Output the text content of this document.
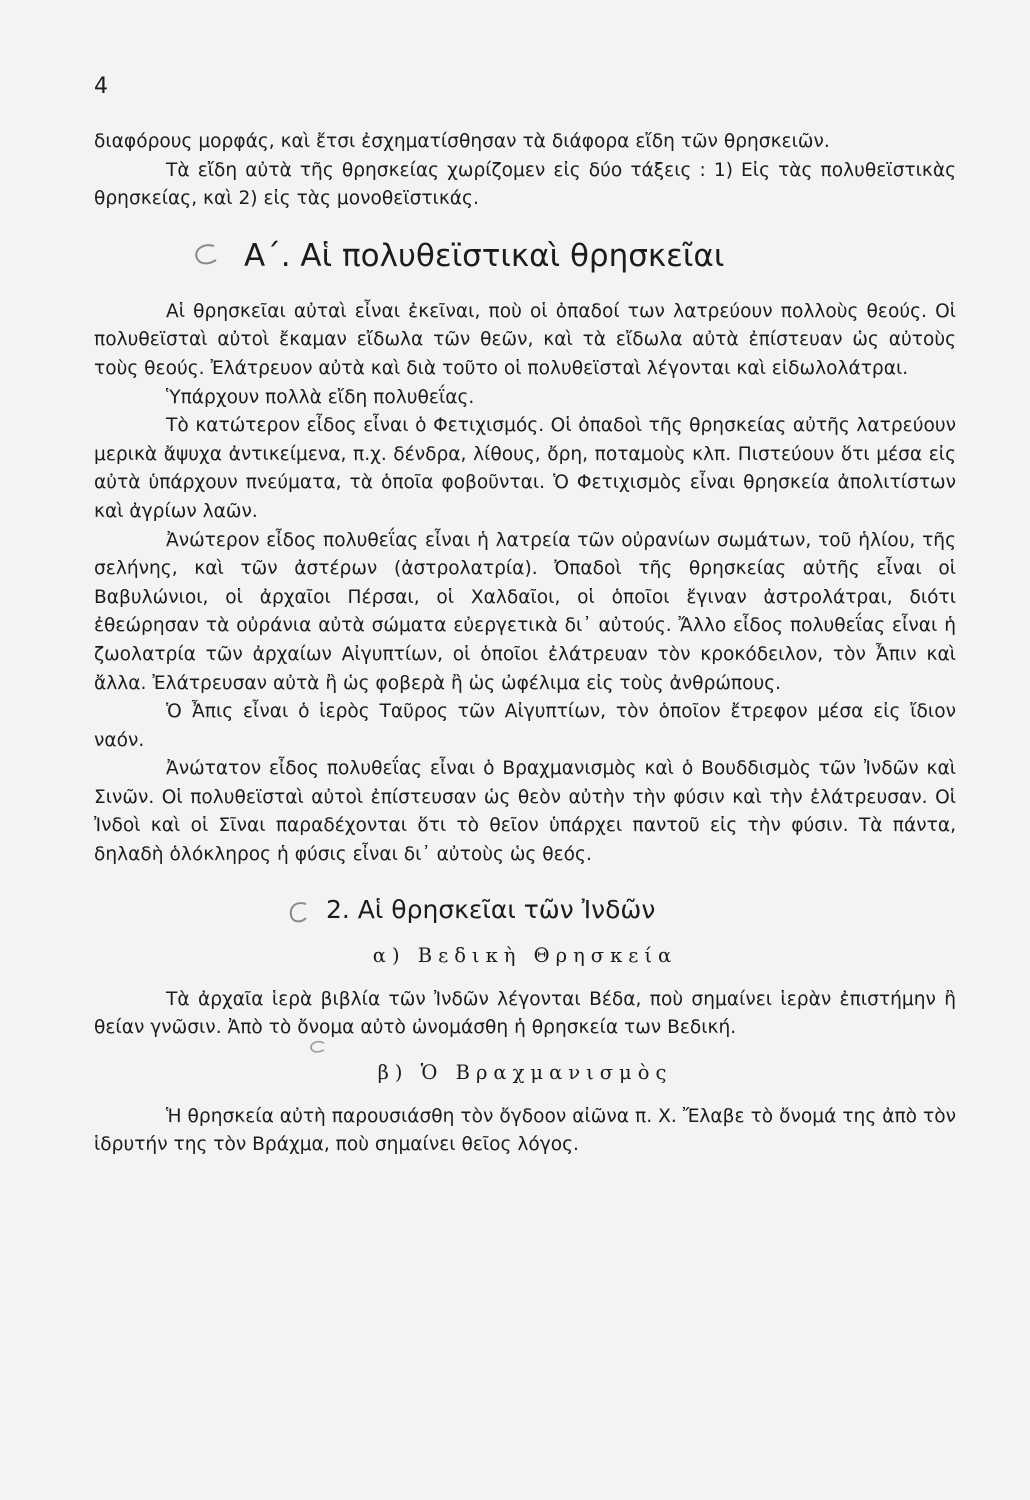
4

διαφόρους μορφάς, καὶ ἔτσι ἐσχηματίσθησαν τὰ διάφορα εἴδη τῶν θρησκειῶν.

Τὰ εἴδη αὐτὰ τῆς θρησκείας χωρίζομεν εἰς δύο τάξεις : 1) Εἰς τὰς πολυθεϊστικὰς θρησκείας, καὶ 2) εἰς τὰς μονοθεϊστικάς.

Α΄. Αἱ πολυθεϊστικαὶ θρησκεῖαι

Αἱ θρησκεῖαι αὐταὶ εἶναι ἐκεῖναι, ποὺ οἱ ὀπαδοί των λατρεύουν πολλοὺς θεούς. Οἱ πολυθεϊσταὶ αὐτοὶ ἔκαμαν εἴδωλα τῶν θεῶν, καὶ τὰ εἴδωλα αὐτὰ ἐπίστευαν ὡς αὐτοὺς τοὺς θεούς. Ἐλάτρευον αὐτὰ καὶ διὰ τοῦτο οἱ πολυθεϊσταὶ λέγονται καὶ εἰδωλολάτραι.

Ὑπάρχουν πολλὰ εἴδη πολυθεΐας.

Τὸ κατώτερον εἶδος εἶναι ὁ Φετιχισμός. Οἱ ὀπαδοὶ τῆς θρησκείας αὐτῆς λατρεύουν μερικὰ ἄψυχα ἀντικείμενα, π.χ. δένδρα, λίθους, ὄρη, ποταμοὺς κλπ. Πιστεύουν ὅτι μέσα εἰς αὐτὰ ὑπάρχουν πνεύματα, τὰ ὁποῖα φοβοῦνται. Ὁ Φετιχισμὸς εἶναι θρησκεία ἀπολιτίστων καὶ ἀγρίων λαῶν.

Ἀνώτερον εἶδος πολυθεΐας εἶναι ἡ λατρεία τῶν οὐρανίων σωμάτων, τοῦ ἡλίου, τῆς σελήνης, καὶ τῶν ἀστέρων (ἀστρολατρία). Ὀπαδοὶ τῆς θρησκείας αὐτῆς εἶναι οἱ Βαβυλώνιοι, οἱ ἀρχαῖοι Πέρσαι, οἱ Χαλδαῖοι, οἱ ὁποῖοι ἔγιναν ἀστρολάτραι, διότι ἐθεώρησαν τὰ οὐράνια αὐτὰ σώματα εὐεργετικὰ δι᾽ αὐτούς. Ἄλλο εἶδος πολυθεΐας εἶναι ἡ ζωολατρία τῶν ἀρχαίων Αἰγυπτίων, οἱ ὁποῖοι ἐλάτρευαν τὸν κροκόδειλον, τὸν Ἆπιν καὶ ἄλλα. Ἐλάτρευσαν αὐτὰ ἢ ὡς φοβερὰ ἢ ὡς ὠφέλιμα εἰς τοὺς ἀνθρώπους.

Ὁ Ἆπις εἶναι ὁ ἱερὸς Ταῦρος τῶν Αἰγυπτίων, τὸν ὁποῖον ἔτρεφον μέσα εἰς ἴδιον ναόν.

Ἀνώτατον εἶδος πολυθεΐας εἶναι ὁ Βραχμανισμὸς καὶ ὁ Βουδδισμὸς τῶν Ἰνδῶν καὶ Σινῶν. Οἱ πολυθεϊσταὶ αὐτοὶ ἐπίστευσαν ὡς θεὸν αὐτὴν τὴν φύσιν καὶ τὴν ἐλάτρευσαν. Οἱ Ἰνδοὶ καὶ οἱ Σῖναι παραδέχονται ὅτι τὸ θεῖον ὑπάρχει παντοῦ εἰς τὴν φύσιν. Τὰ πάντα, δηλαδὴ ὁλόκληρος ἡ φύσις εἶναι δι᾽ αὐτοὺς ὡς θεός.

2. Αἱ θρησκεῖαι τῶν Ἰνδῶν
α) Βεδικὴ Θρησκεία

Τὰ ἀρχαῖα ἱερὰ βιβλία τῶν Ἰνδῶν λέγονται Βέδα, ποὺ σημαίνει ἱερὰν ἐπιστήμην ἢ θείαν γνῶσιν. Ἀπὸ τὸ ὄνομα αὐτὸ ὠνομάσθη ἡ θρησκεία των Βεδική.

β) Ὁ Βραχμανισμὸς

Ἡ θρησκεία αὐτὴ παρουσιάσθη τὸν ὄγδοον αἰῶνα π. Χ. Ἔλαβε τὸ ὄνομά της ἀπὸ τὸν ἱδρυτήν της τὸν Βράχμα, ποὺ σημαίνει θεῖος λόγος.
